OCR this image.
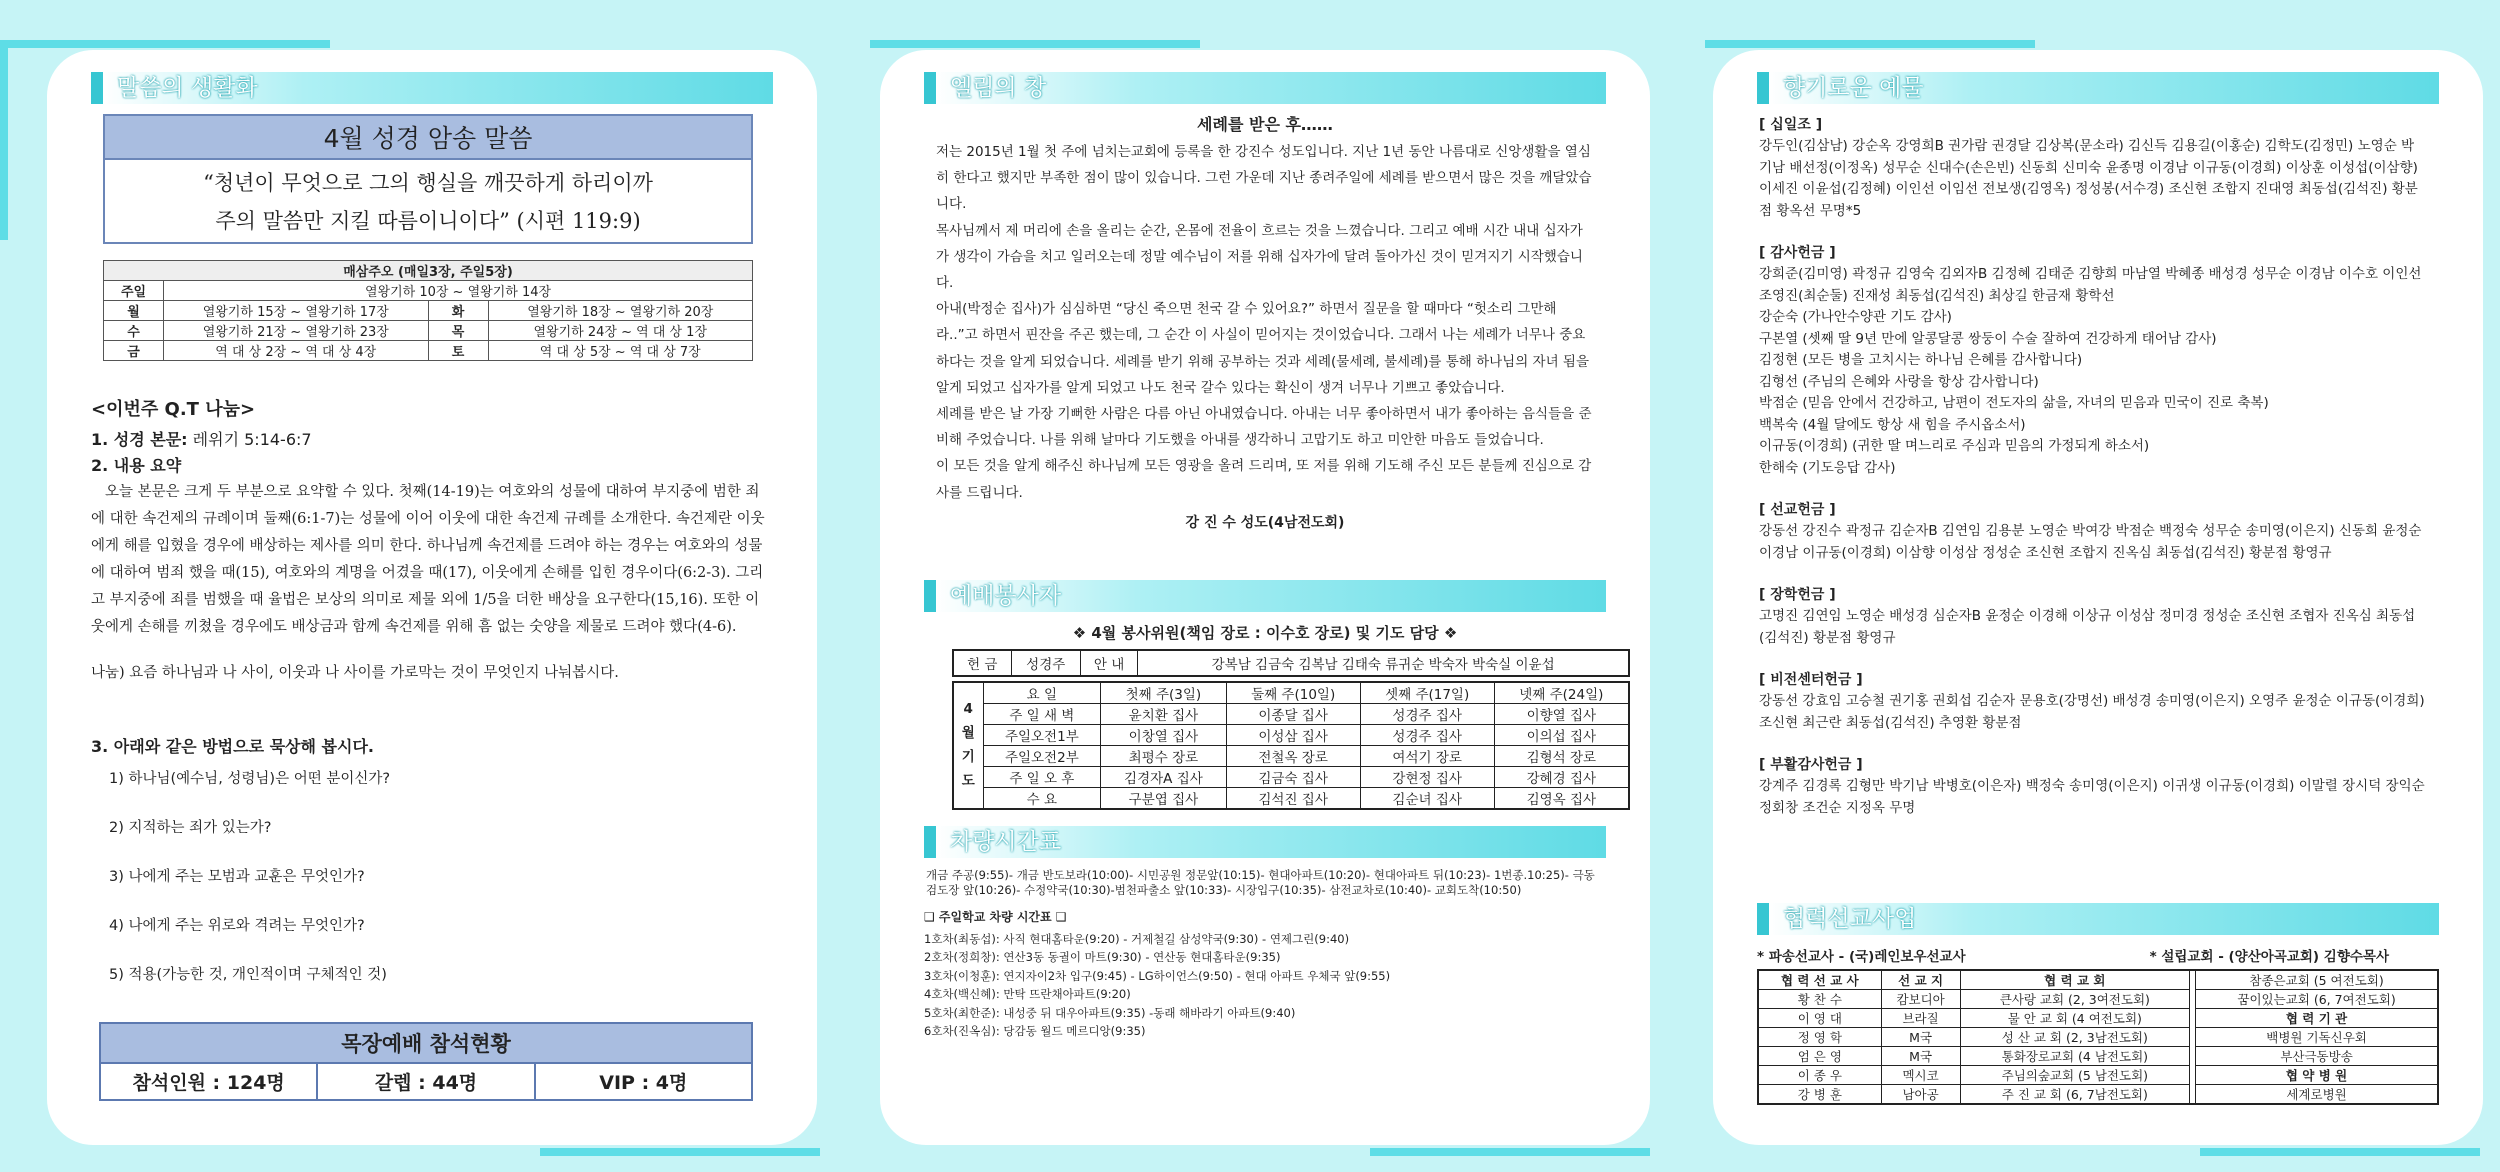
말씀의 생활화
4월 성경 암송 말씀
“청년이 무엇으로 그의 행실을 깨끗하게 하리이까
주의 말씀만 지킬 따름이니이다” (시편 119:9)
매삼주오 (매일3장, 주일5장)			
주일	열왕기하 10장 ~ 열왕기하 14장		
월	열왕기하 15장 ~ 열왕기하 17장	화	열왕기하 18장 ~ 열왕기하 20장
수	열왕기하 21장 ~ 열왕기하 23장	목	열왕기하 24장 ~ 역 대 상 1장
금	역 대 상 2장 ~ 역 대 상 4장	토	역 대 상 5장 ~ 역 대 상 7장
<이번주 Q.T 나눔>
1. 성경 본문: 레위기 5:14-6:7
2. 내용 요약
오늘 본문은 크게 두 부분으로 요약할 수 있다. 첫째(14-19)는 여호와의 성물에 대하여 부지중에 범한 죄에 대한 속건제의 규례이며 둘째(6:1-7)는 성물에 이어 이웃에 대한 속건제 규례를 소개한다. 속건제란 이웃에게 해를 입혔을 경우에 배상하는 제사를 의미 한다. 하나님께 속건제를 드려야 하는 경우는 여호와의 성물에 대하여 범죄 했을 때(15), 여호와의 계명을 어겼을 때(17), 이웃에게 손해를 입힌 경우이다(6:2-3). 그리고 부지중에 죄를 범했을 때 율법은 보상의 의미로 제물 외에 1/5을 더한 배상을 요구한다(15,16). 또한 이웃에게 손해를 끼쳤을 경우에도 배상금과 함께 속건제를 위해 흠 없는 숫양을 제물로 드려야 했다(4-6).
나눔) 요즘 하나님과 나 사이, 이웃과 나 사이를 가로막는 것이 무엇인지 나눠봅시다.
3. 아래와 같은 방법으로 묵상해 봅시다.
1) 하나님(예수님, 성령님)은 어떤 분이신가?
2) 지적하는 죄가 있는가?
3) 나에게 주는 모범과 교훈은 무엇인가?
4) 나에게 주는 위로와 격려는 무엇인가?
5) 적용(가능한 것, 개인적이며 구체적인 것)
목장예배 참석현황
참석인원 : 124명	갈렙 : 44명	VIP : 4명
엘림의 창
세례를 받은 후……
저는 2015년 1월 첫 주에 넘치는교회에 등록을 한 강진수 성도입니다. 지난 1년 동안 나름대로 신앙생활을 열심히 한다고 했지만 부족한 점이 많이 있습니다. 그런 가운데 지난 종려주일에 세례를 받으면서 많은 것을 깨달았습니다.
목사님께서 제 머리에 손을 올리는 순간, 온몸에 전율이 흐르는 것을 느꼈습니다. 그리고 예배 시간 내내 십자가가 생각이 가슴을 치고 일러오는데 정말 예수님이 저를 위해 십자가에 달려 돌아가신 것이 믿겨지기 시작했습니다.
아내(박정순 집사)가 심심하면 “당신 죽으면 천국 갈 수 있어요?” 하면서 질문을 할 때마다 “헛소리 그만해라..”고 하면서 핀잔을 주곤 했는데, 그 순간 이 사실이 믿어지는 것이었습니다. 그래서 나는 세례가 너무나 중요하다는 것을 알게 되었습니다. 세례를 받기 위해 공부하는 것과 세례(물세례, 불세례)를 통해 하나님의 자녀 됨을 알게 되었고 십자가를 알게 되었고 나도 천국 갈수 있다는 확신이 생겨 너무나 기쁘고 좋았습니다.
세례를 받은 날 가장 기뻐한 사람은 다름 아닌 아내였습니다. 아내는 너무 좋아하면서 내가 좋아하는 음식들을 준비해 주었습니다. 나를 위해 날마다 기도했을 아내를 생각하니 고맙기도 하고 미안한 마음도 들었습니다.
이 모든 것을 알게 해주신 하나님께 모든 영광을 올려 드리며, 또 저를 위해 기도해 주신 모든 분들께 진심으로 감사를 드립니다.
강 진 수 성도(4남전도회)
예배봉사자
❖ 4월 봉사위원(책임 장로 : 이수호 장로) 및 기도 담당 ❖
헌 금	성경주	안 내	강복남 김금숙 김복남 김태숙 류귀순 박숙자 박숙실 이윤섭
4
월
기
도	요 일	첫째 주(3일)	둘째 주(10일)	셋째 주(17일)	넷째 주(24일)
	주 일 새 벽	윤치환 집사	이종달 집사	성경주 집사	이향열 집사
	주일오전1부	이창열 집사	이성삼 집사	성경주 집사	이의섭 집사
	주일오전2부	최평수 장로	전철옥 장로	여석기 장로	김형석 장로
	주 일 오 후	김경자A 집사	김금숙 집사	강현정 집사	강혜경 집사
	수 요	구분엽 집사	김석진 집사	김순녀 집사	김영옥 집사
차량시간표
개금 주공(9:55)- 개금 반도보라(10:00)- 시민공원 정문앞(10:15)- 현대아파트(10:20)- 현대아파트 뒤(10:23)- 1번종.10:25)- 극동검도장 앞(10:26)- 수정약국(10:30)-범천파출소 앞(10:33)- 시장입구(10:35)- 삼전교차로(10:40)- 교회도착(10:50)
❑ 주일학교 차량 시간표 ❑
1호차(최동섭): 사직 현대홈타운(9:20) - 거제철길 삼성약국(9:30) - 연제그린(9:40)
2호차(정희창): 연산3동 동궐이 마트(9:30) - 연산동 현대홈타운(9:35)
3호차(이청훈): 연지자이2차 입구(9:45) - LG하이언스(9:50) - 현대 아파트 우체국 앞(9:55)
4호차(백신혜): 만탁 뜨란채아파트(9:20)
5호차(최한준): 내성중 뒤 대우아파트(9:35) -동래 해바라기 아파트(9:40)
6호차(진옥심): 당감동 월드 메르디앙(9:35)
향기로운 예물
[ 십일조 ]
강두인(김삼남) 강순옥 강영희B 권가람 권경달 김상복(문소라) 김신득 김용길(이홍순) 김학도(김정민) 노영순 박기남 배선정(이정옥) 성무순 신대수(손은빈) 신동희 신미숙 윤종명 이경남 이규동(이경희) 이상훈 이성섭(이삼향) 이세진 이윤섭(김정혜) 이인선 이임선 전보생(김영옥) 정성봉(서수경) 조신현 조합지 진대영 최동섭(김석진) 황분점 황옥선 무명*5
[ 감사헌금 ]
강희준(김미영) 곽정규 김영숙 김외자B 김정혜 김태준 김향희 마남열 박혜종 배성경 성무순 이경남 이수호 이인선 조영진(최순둘) 진재성 최동섭(김석진) 최상길 한금재 황학선
강순숙 (가나안수양관 기도 감사)
구본열 (셋째 딸 9년 만에 알콩달콩 쌍둥이 수술 잘하여 건강하게 태어남 감사)
김정현 (모든 병을 고치시는 하나님 은혜를 감사합니다)
김형선 (주님의 은혜와 사랑을 항상 감사합니다)
박점순 (믿음 안에서 건강하고, 남편이 전도자의 삶을, 자녀의 믿음과 민국이 진로 축복)
백복숙 (4월 달에도 항상 새 힘을 주시옵소서)
이규동(이경희) (귀한 딸 며느리로 주심과 믿음의 가정되게 하소서)
한해숙 (기도응답 감사)
[ 선교헌금 ]
강동선 강진수 곽정규 김순자B 김연임 김용분 노영순 박여강 박점순 백정숙 성무순 송미영(이은지) 신동희 윤정순 이경남 이규동(이경희) 이삼향 이성삼 정성순 조신현 조합지 진옥심 최동섭(김석진) 황분점 황영규
[ 장학헌금 ]
고명진 김연임 노영순 배성경 심순자B 윤정순 이경해 이상규 이성삼 정미경 정성순 조신현 조협자 진옥심 최동섭(김석진) 황분점 황영규
[ 비전센터헌금 ]
강동선 강효임 고승철 권기홍 권회섭 김순자 문용호(강명선) 배성경 송미영(이은지) 오영주 윤정순 이규동(이경희) 조신현 최근란 최동섭(김석진) 추영환 황분점
[ 부활감사헌금 ]
강계주 김경록 김형만 박기남 박병호(이은자) 백정숙 송미영(이은지) 이귀생 이규동(이경희) 이말렬 장시덕 장익순 정회창 조건순 지정옥 무명
협력선교사업
* 파송선교사 - (국)레인보우선교사	* 설립교회 - (양산아곡교회) 김향수목사
협 력 선 교 사	선 교 지	협 력 교 회		참종은교회 (5 여전도회)
황 찬 수	캄보디아	큰사랑 교회 (2, 3여전도회)		꿈이있는교회 (6, 7여전도회)
이 영 대	브라질	물 안 교 회 (4 여전도회)		협 력 기 관
정 영 학	M국	성 산 교 회 (2, 3남전도회)		백병원 기독신우회
엄 은 영	M국	통화장로교회 (4 남전도회)		부산극동방송
이 종 우	멕시코	주님의숲교회 (5 남전도회)		협 약 병 원
강 병 훈	남아공	주 진 교 회 (6, 7남전도회)		세계로병원
